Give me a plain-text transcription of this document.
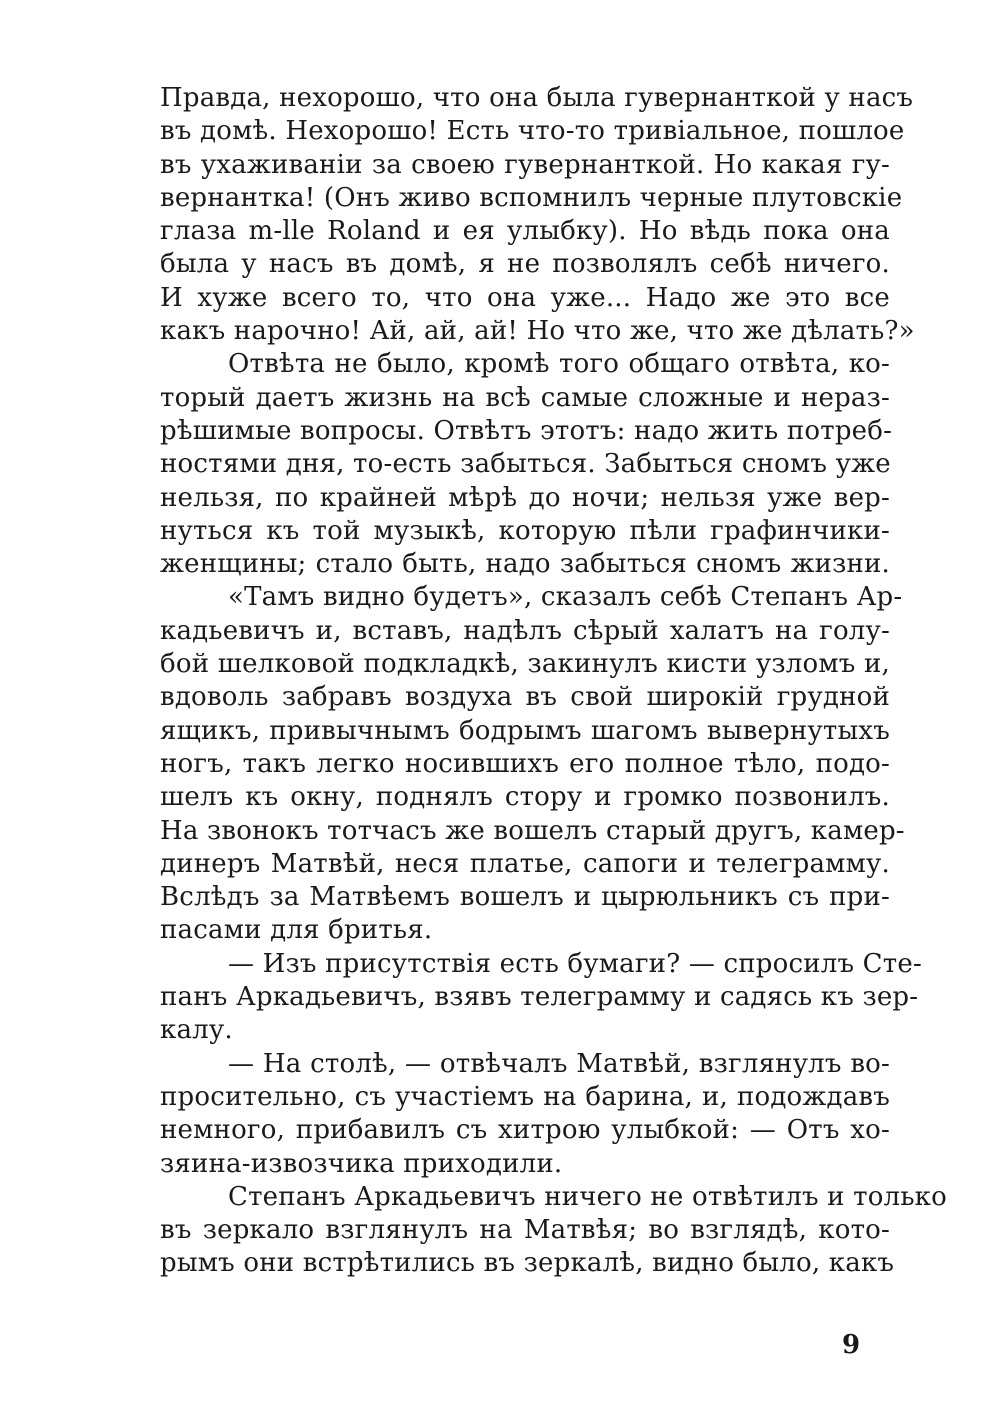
Правда, нехорошо, что она была гувернанткой у насъ
въ домѣ. Нехорошо! Есть что-то тривіальное, пошлое
въ ухаживаніи за своею гувернанткой. Но какая гу-
вернантка! (Онъ живо вспомнилъ черные плутовскіе
глаза m-lle Roland и ея улыбку). Но вѣдь пока она
была у насъ въ домѣ, я не позволялъ себѣ ничего.
И хуже всего то, что она уже... Надо же это все
какъ нарочно! Ай, ай, ай! Но что же, что же дѣлать?»
Отвѣта не было, кромѣ того общаго отвѣта, ко-
торый даетъ жизнь на всѣ самые сложные и нераз-
рѣшимые вопросы. Отвѣтъ этотъ: надо жить потреб-
ностями дня, то-есть забыться. Забыться сномъ уже
нельзя, по крайней мѣрѣ до ночи; нельзя уже вер-
нуться къ той музыкѣ, которую пѣли графинчики-
женщины; стало быть, надо забыться сномъ жизни.
«Тамъ видно будетъ», сказалъ себѣ Степанъ Ар-
кадьевичъ и, вставъ, надѣлъ сѣрый халатъ на голу-
бой шелковой подкладкѣ, закинулъ кисти узломъ и,
вдоволь забравъ воздуха въ свой широкій грудной
ящикъ, привычнымъ бодрымъ шагомъ вывернутыхъ
ногъ, такъ легко носившихъ его полное тѣло, подо-
шелъ къ окну, поднялъ стору и громко позвонилъ.
На звонокъ тотчасъ же вошелъ старый другъ, камер-
динеръ Матвѣй, неся платье, сапоги и телеграмму.
Вслѣдъ за Матвѣемъ вошелъ и цырюльникъ съ при-
пасами для бритья.
— Изъ присутствія есть бумаги? — спросилъ Сте-
панъ Аркадьевичъ, взявъ телеграмму и садясь къ зер-
калу.
— На столѣ, — отвѣчалъ Матвѣй, взглянулъ во-
просительно, съ участіемъ на барина, и, подождавъ
немного, прибавилъ съ хитрою улыбкой: — Отъ хо-
зяина-извозчика приходили.
Степанъ Аркадьевичъ ничего не отвѣтилъ и только
въ зеркало взглянулъ на Матвѣя; во взглядѣ, кото-
рымъ они встрѣтились въ зеркалѣ, видно было, какъ
9
